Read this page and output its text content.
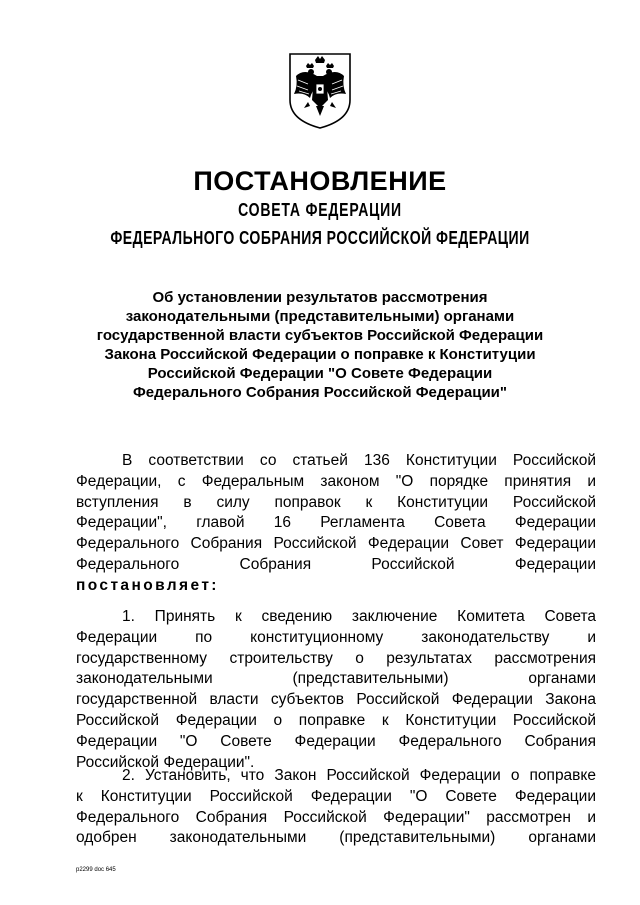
ПОСТАНОВЛЕНИЕ
СОВЕТА ФЕДЕРАЦИИ
ФЕДЕРАЛЬНОГО СОБРАНИЯ РОССИЙСКОЙ ФЕДЕРАЦИИ
Об установлении результатов рассмотрения
законодательными (представительными) органами
государственной власти субъектов Российской Федерации
Закона Российской Федерации о поправке к Конституции
Российской Федерации "О Совете Федерации
Федерального Собрания Российской Федерации"
В соответствии со статьей 136 Конституции Российской
Федерации, с Федеральным законом "О порядке принятия и
вступления в силу поправок к Конституции Российской
Федерации", главой 16 Регламента Совета Федерации
Федерального Собрания Российской Федерации Совет Федерации
Федерального Собрания Российской Федерации
постановляет:
1. Принять к сведению заключение Комитета Совета
Федерации по конституционному законодательству и
государственному строительству о результатах рассмотрения
законодательными (представительными) органами
государственной власти субъектов Российской Федерации Закона
Российской Федерации о поправке к Конституции Российской
Федерации "О Совете Федерации Федерального Собрания
Российской Федерации".
2. Установить, что Закон Российской Федерации о поправке
к Конституции Российской Федерации "О Совете Федерации
Федерального Собрания Российской Федерации" рассмотрен и
одобрен законодательными (представительными) органами
p2299 doc 645
